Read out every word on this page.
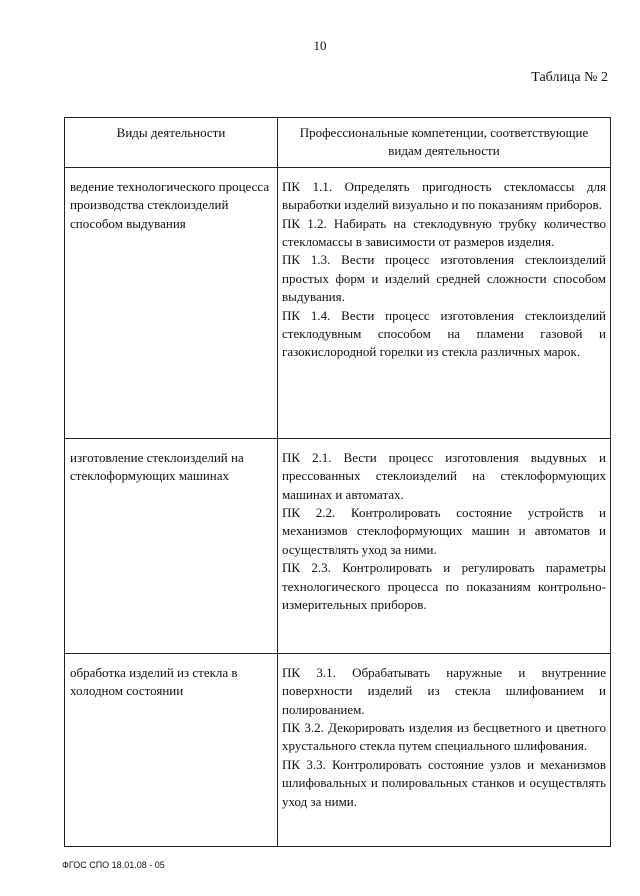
10
Таблица № 2
Виды деятельности	Профессиональные компетенции, соответствующие видам деятельности

ведение технологического процесса производства стеклоизделий способом выдувания	ПК 1.1. Определять пригодность стекломассы для выработки изделий визуально и по показаниям приборов.
ПК 1.2. Набирать на стеклодувную трубку количество стекломассы в зависимости от размеров изделия.
ПК 1.3. Вести процесс изготовления стеклоизделий простых форм и изделий средней сложности способом выдувания.
ПК 1.4. Вести процесс изготовления стеклоизделий стеклодувным способом на пламени газовой и газокислородной горелки из стекла различных марок.

изготовление стеклоизделий на стеклоформующих машинах	ПК 2.1. Вести процесс изготовления выдувных и прессованных стеклоизделий на стеклоформующих машинах и автоматах.
ПК 2.2. Контролировать состояние устройств и механизмов стеклоформующих машин и автоматов и осуществлять уход за ними.
ПК 2.3. Контролировать и регулировать параметры технологического процесса по показаниям контрольно-измерительных приборов.

обработка изделий из стекла в холодном состоянии	ПК 3.1. Обрабатывать наружные и внутренние поверхности изделий из стекла шлифованием и полированием.
ПК 3.2. Декорировать изделия из бесцветного и цветного хрустального стекла путем специального шлифования.
ПК 3.3. Контролировать состояние узлов и механизмов шлифовальных и полировальных станков и осуществлять уход за ними.
ФГОС СПО 18.01.08 - 05
